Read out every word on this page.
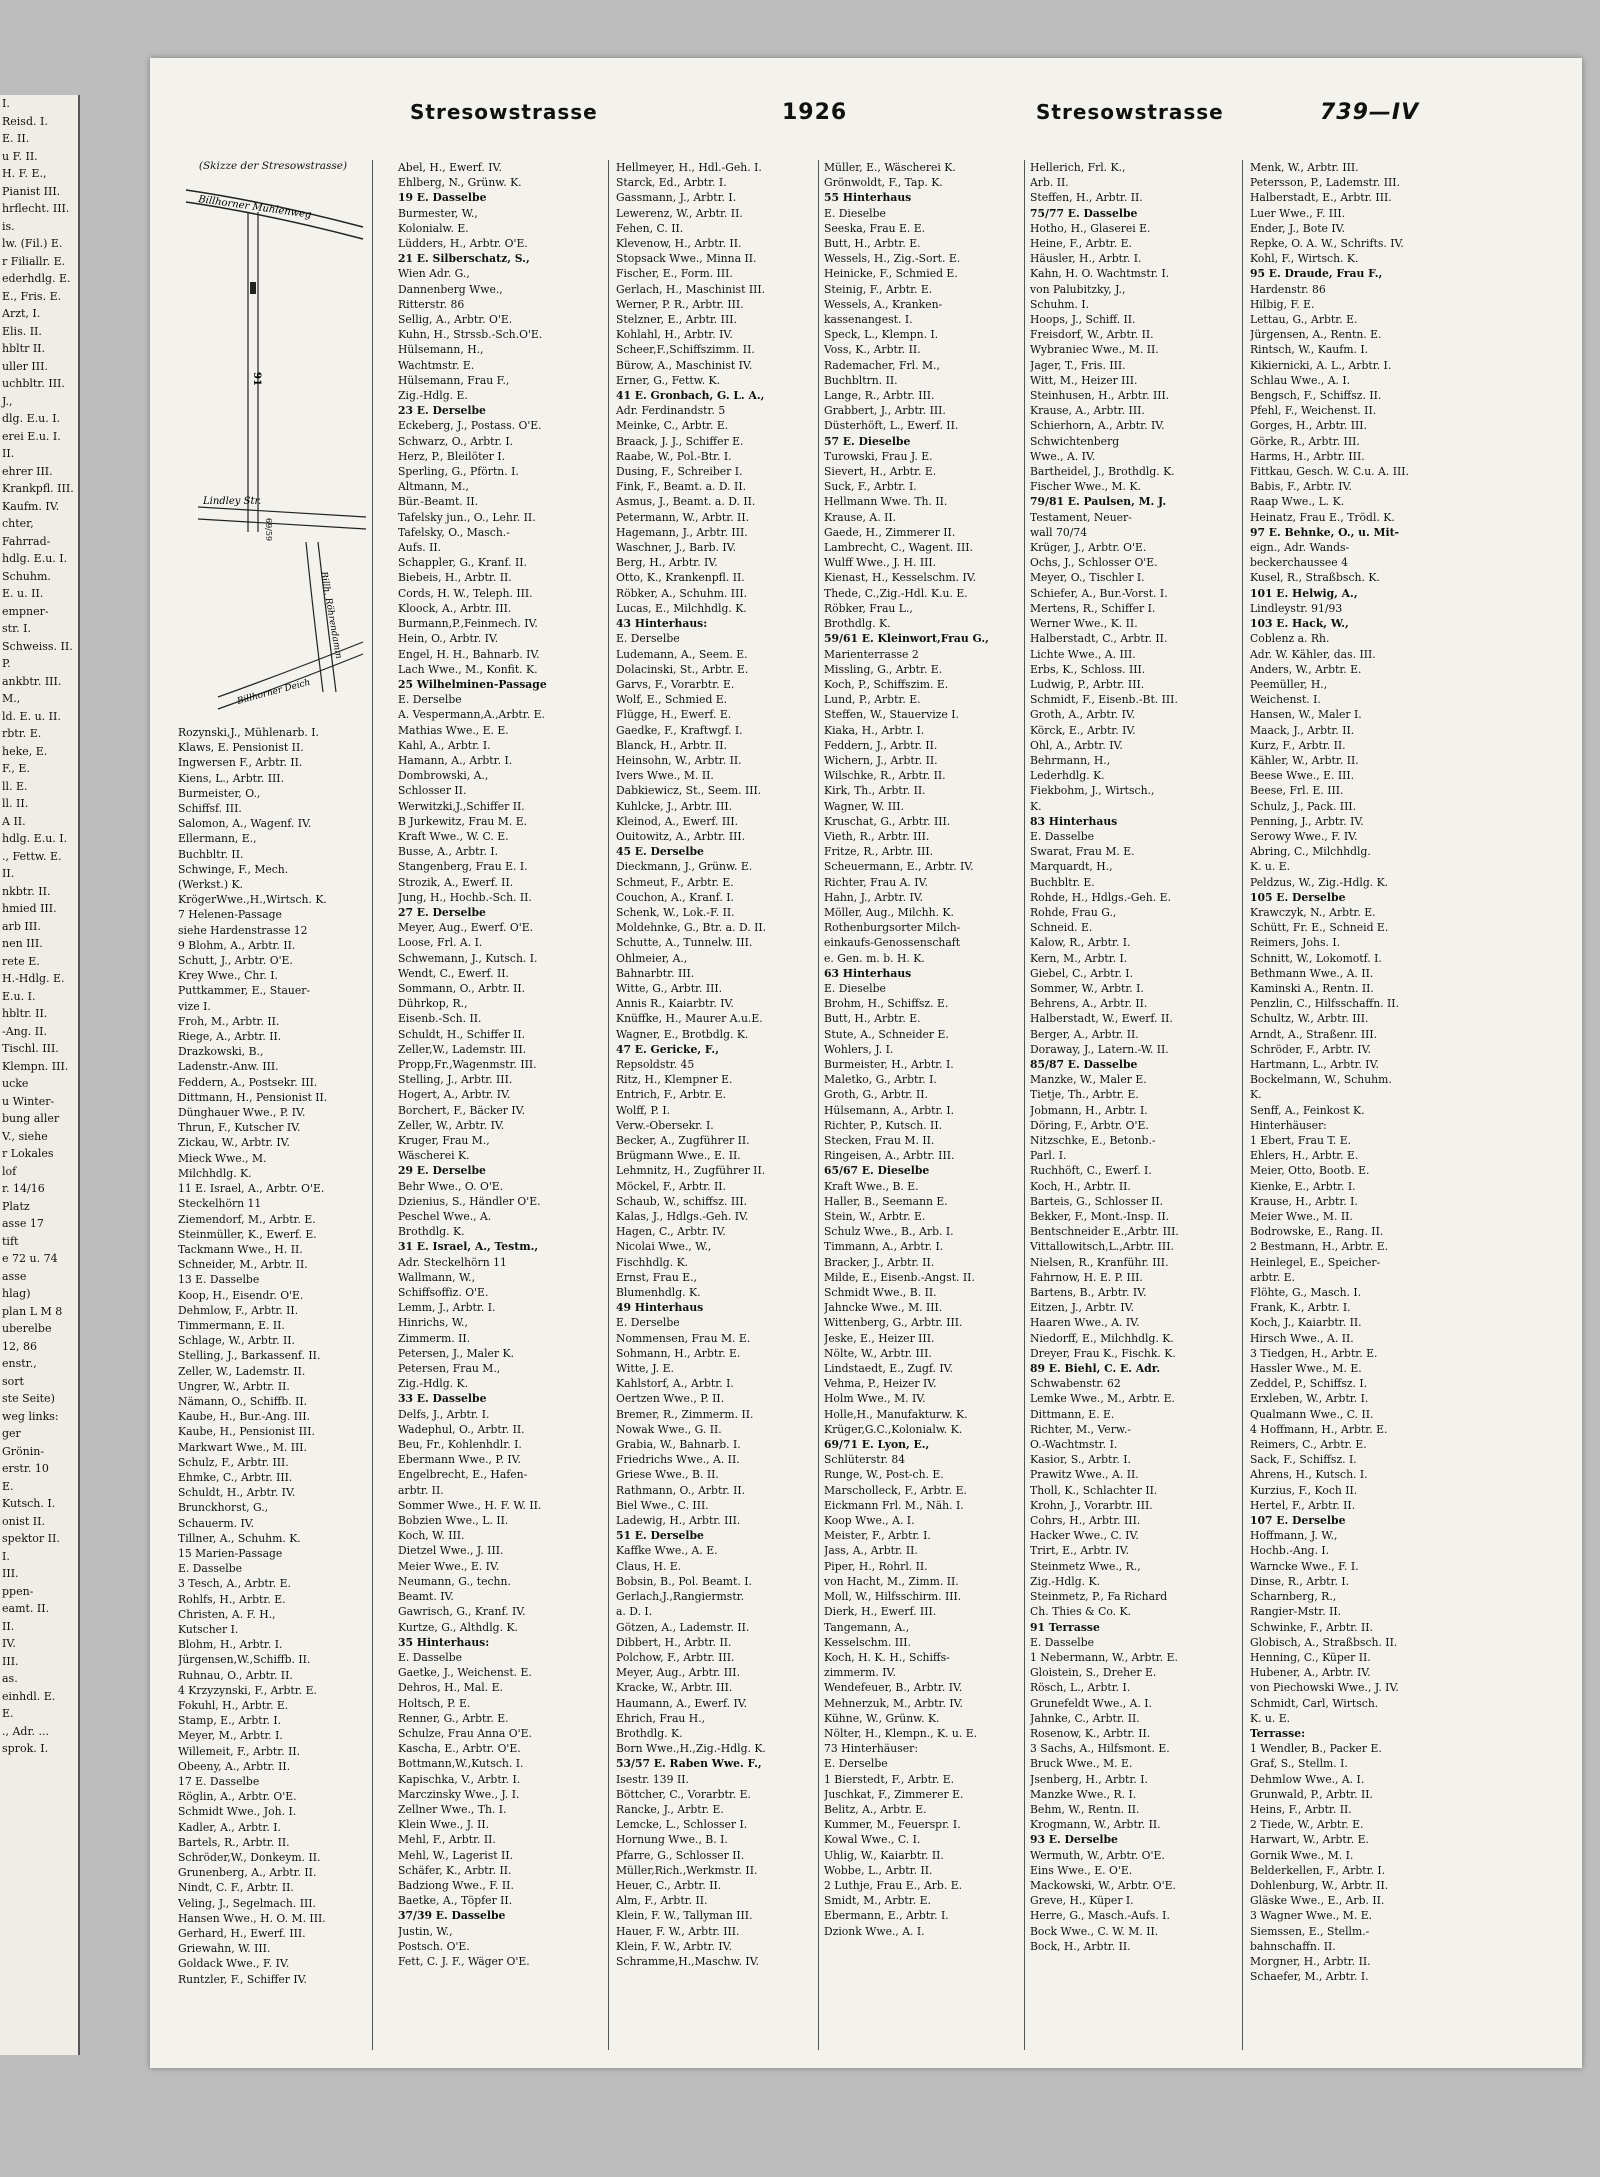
I.
Reisd. I.
E. II.
u F. II.
H. F. E.,
Pianist III.
hrflecht. III.
is.
lw. (Fil.) E.
r Filiallr. E.
ederhdlg. E.
E., Fris. E.
Arzt, I.
Elis. II.
hbltr II.
uller III.
uchbltr. III.
J.,
dlg. E.u. I.
erei E.u. I.
II.
ehrer III.
Krankpfl. III.
Kaufm. IV.
chter,
Fahrrad-
hdlg. E.u. I.
Schuhm.
E. u. II.
empner-
str. I.
Schweiss. II.
P.
ankbtr. III.
M.,
ld. E. u. II.
rbtr. E.
heke, E.
F., E.
ll. E.
ll. II.
A II.
hdlg. E.u. I.
., Fettw. E.
II.
nkbtr. II.
hmied III.
arb III.
nen III.
rete E.
H.-Hdlg. E.
E.u. I.
hbltr. II.
-Ang. II.
Tischl. III.
Klempn. III.
ucke
u Winter-
bung aller
V., siehe
r Lokales
lof
r. 14/16
Platz
asse 17
tift
e 72 u. 74
asse
hlag)
plan L M 8
uberelbe
12, 86
enstr.,
sort
ste Seite)
weg links:
ger
Grönin-
erstr. 10
E.
Kutsch. I.
onist II.
spektor II.
I.
III.
ppen-
eamt. II.
II.
IV.
III.
as.
einhdl. E.
E.
., Adr. ...
sprok. I.
Stresowstrasse	1926	Stresowstrasse	739—IV
(Skizze der Stresowstrasse)
Billhorner Mühlenweg
91
Lindley Str.
69/59
Billh. Röhrendamm
Billhorner Deich
Rozynski,J., Mühlenarb. I.
Klaws, E. Pensionist II.
Ingwersen F., Arbtr. II.
Kiens, L., Arbtr. III.
Burmeister, O.,
Schiffsf. III.
Salomon, A., Wagenf. IV.
Ellermann, E.,
Buchbltr. II.
Schwinge, F., Mech.
(Werkst.) K.
KrögerWwe.,H.,Wirtsch. K.
7 Helenen-Passage
siehe Hardenstrasse 12
9 Blohm, A., Arbtr. II.
Schutt, J., Arbtr. O'E.
Krey Wwe., Chr. I.
Puttkammer, E., Stauer-
vize I.
Froh, M., Arbtr. II.
Riege, A., Arbtr. II.
Drazkowski, B.,
Ladenstr.-Anw. III.
Feddern, A., Postsekr. III.
Dittmann, H., Pensionist II.
Dünghauer Wwe., P. IV.
Thrun, F., Kutscher IV.
Zickau, W., Arbtr. IV.
Mieck Wwe., M.
Milchhdlg. K.
11 E. Israel, A., Arbtr. O'E.
Steckelhörn 11
Ziemendorf, M., Arbtr. E.
Steinmüller, K., Ewerf. E.
Tackmann Wwe., H. II.
Schneider, M., Arbtr. II.
13 E. Dasselbe
Koop, H., Eisendr. O'E.
Dehmlow, F., Arbtr. II.
Timmermann, E. II.
Schlage, W., Arbtr. II.
Stelling, J., Barkassenf. II.
Zeller, W., Lademstr. II.
Ungrer, W., Arbtr. II.
Nämann, O., Schiffb. II.
Kaube, H., Bur.-Ang. III.
Kaube, H., Pensionist III.
Markwart Wwe., M. III.
Schulz, F., Arbtr. III.
Ehmke, C., Arbtr. III.
Schuldt, H., Arbtr. IV.
Brunckhorst, G.,
Schauerm. IV.
Tillner, A., Schuhm. K.
15 Marien-Passage
E. Dasselbe
3 Tesch, A., Arbtr. E.
Rohlfs, H., Arbtr. E.
Christen, A. F. H.,
Kutscher I.
Blohm, H., Arbtr. I.
Jürgensen,W.,Schiffb. II.
Ruhnau, O., Arbtr. II.
4 Krzyzynski, F., Arbtr. E.
Fokuhl, H., Arbtr. E.
Stamp, E., Arbtr. I.
Meyer, M., Arbtr. I.
Willemeit, F., Arbtr. II.
Obeeny, A., Arbtr. II.
17 E. Dasselbe
Röglin, A., Arbtr. O'E.
Schmidt Wwe., Joh. I.
Kadler, A., Arbtr. I.
Bartels, R., Arbtr. II.
Schröder,W., Donkeym. II.
Grunenberg, A., Arbtr. II.
Nindt, C. F., Arbtr. II.
Veling, J., Segelmach. III.
Hansen Wwe., H. O. M. III.
Gerhard, H., Ewerf. III.
Griewahn, W. III.
Goldack Wwe., F. IV.
Runtzler, F., Schiffer IV.
Abel, H., Ewerf. IV.
Ehlberg, N., Grünw. K.
19 E. Dasselbe
Burmester, W.,
Kolonialw. E.
Lüdders, H., Arbtr. O'E.
21 E. Silberschatz, S.,
Wien Adr. G.,
Dannenberg Wwe.,
Ritterstr. 86
Sellig, A., Arbtr. O'E.
Kuhn, H., Strssb.-Sch.O'E.
Hülsemann, H.,
Wachtmstr. E.
Hülsemann, Frau F.,
Zig.-Hdlg. E.
23 E. Derselbe
Eckeberg, J., Postass. O'E.
Schwarz, O., Arbtr. I.
Herz, P., Bleilöter I.
Sperling, G., Pförtn. I.
Altmann, M.,
Bür.-Beamt. II.
Tafelsky jun., O., Lehr. II.
Tafelsky, O., Masch.-
Aufs. II.
Schappler, G., Kranf. II.
Biebeis, H., Arbtr. II.
Cords, H. W., Teleph. III.
Kloock, A., Arbtr. III.
Burmann,P.,Feinmech. IV.
Hein, O., Arbtr. IV.
Engel, H. H., Bahnarb. IV.
Lach Wwe., M., Konfit. K.
25 Wilhelminen-Passage
E. Derselbe
A. Vespermann,A.,Arbtr. E.
Mathias Wwe., E. E.
Kahl, A., Arbtr. I.
Hamann, A., Arbtr. I.
Dombrowski, A.,
Schlosser II.
Werwitzki,J.,Schiffer II.
B Jurkewitz, Frau M. E.
Kraft Wwe., W. C. E.
Busse, A., Arbtr. I.
Stangenberg, Frau E. I.
Strozik, A., Ewerf. II.
Jung, H., Hochb.-Sch. II.
27 E. Derselbe
Meyer, Aug., Ewerf. O'E.
Loose, Frl. A. I.
Schwemann, J., Kutsch. I.
Wendt, C., Ewerf. II.
Sommann, O., Arbtr. II.
Dührkop, R.,
Eisenb.-Sch. II.
Schuldt, H., Schiffer II.
Zeller,W., Lademstr. III.
Propp,Fr.,Wagenmstr. III.
Stelling, J., Arbtr. III.
Hogert, A., Arbtr. IV.
Borchert, F., Bäcker IV.
Zeller, W., Arbtr. IV.
Kruger, Frau M.,
Wäscherei K.
29 E. Derselbe
Behr Wwe., O. O'E.
Dzienius, S., Händler O'E.
Peschel Wwe., A.
Brothdlg. K.
31 E. Israel, A., Testm.,
Adr. Steckelhörn 11
Wallmann, W.,
Schiffsoffiz. O'E.
Lemm, J., Arbtr. I.
Hinrichs, W.,
Zimmerm. II.
Petersen, J., Maler K.
Petersen, Frau M.,
Zig.-Hdlg. K.
33 E. Dasselbe
Delfs, J., Arbtr. I.
Wadephul, O., Arbtr. II.
Beu, Fr., Kohlenhdlr. I.
Ebermann Wwe., P. IV.
Engelbrecht, E., Hafen-
arbtr. II.
Sommer Wwe., H. F. W. II.
Bobzien Wwe., L. II.
Koch, W. III.
Dietzel Wwe., J. III.
Meier Wwe., E. IV.
Neumann, G., techn.
Beamt. IV.
Gawrisch, G., Kranf. IV.
Kurtze, G., Althdlg. K.
35 Hinterhaus:
E. Dasselbe
Gaetke, J., Weichenst. E.
Dehros, H., Mal. E.
Holtsch, P. E.
Renner, G., Arbtr. E.
Schulze, Frau Anna O'E.
Kascha, E., Arbtr. O'E.
Bottmann,W.,Kutsch. I.
Kapischka, V., Arbtr. I.
Marczinsky Wwe., J. I.
Zellner Wwe., Th. I.
Klein Wwe., J. II.
Mehl, F., Arbtr. II.
Mehl, W., Lagerist II.
Schäfer, K., Arbtr. II.
Badziong Wwe., F. II.
Baetke, A., Töpfer II.
37/39 E. Dasselbe
Justin, W.,
Postsch. O'E.
Fett, C. J. F., Wäger O'E.
Hellmeyer, H., Hdl.-Geh. I.
Starck, Ed., Arbtr. I.
Gassmann, J., Arbtr. I.
Lewerenz, W., Arbtr. II.
Fehen, C. II.
Klevenow, H., Arbtr. II.
Stopsack Wwe., Minna II.
Fischer, E., Form. III.
Gerlach, H., Maschinist III.
Werner, P. R., Arbtr. III.
Stelzner, E., Arbtr. III.
Kohlahl, H., Arbtr. IV.
Scheer,F.,Schiffszimm. II.
Bürow, A., Maschinist IV.
Erner, G., Fettw. K.
41 E. Gronbach, G. L. A.,
Adr. Ferdinandstr. 5
Meinke, C., Arbtr. E.
Braack, J. J., Schiffer E.
Raabe, W., Pol.-Btr. I.
Dusing, F., Schreiber I.
Fink, F., Beamt. a. D. II.
Asmus, J., Beamt. a. D. II.
Petermann, W., Arbtr. II.
Hagemann, J., Arbtr. III.
Waschner, J., Barb. IV.
Berg, H., Arbtr. IV.
Otto, K., Krankenpfl. II.
Röbker, A., Schuhm. III.
Lucas, E., Milchhdlg. K.
43 Hinterhaus:
E. Derselbe
Ludemann, A., Seem. E.
Dolacinski, St., Arbtr. E.
Garvs, F., Vorarbtr. E.
Wolf, E., Schmied E.
Flügge, H., Ewerf. E.
Gaedke, F., Kraftwgf. I.
Blanck, H., Arbtr. II.
Heinsohn, W., Arbtr. II.
Ivers Wwe., M. II.
Dabkiewicz, St., Seem. III.
Kuhlcke, J., Arbtr. III.
Kleinod, A., Ewerf. III.
Ouitowitz, A., Arbtr. III.
45 E. Derselbe
Dieckmann, J., Grünw. E.
Schmeut, F., Arbtr. E.
Couchon, A., Kranf. I.
Schenk, W., Lok.-F. II.
Moldehnke, G., Btr. a. D. II.
Schutte, A., Tunnelw. III.
Ohlmeier, A.,
Bahnarbtr. III.
Witte, G., Arbtr. III.
Annis R., Kaiarbtr. IV.
Knüffke, H., Maurer A.u.E.
Wagner, E., Brotbdlg. K.
47 E. Gericke, F.,
Repsoldstr. 45
Ritz, H., Klempner E.
Entrich, F., Arbtr. E.
Wolff, P. I.
Verw.-Obersekr. I.
Becker, A., Zugführer II.
Brügmann Wwe., E. II.
Lehmnitz, H., Zugführer II.
Möckel, F., Arbtr. II.
Schaub, W., schiffsz. III.
Kalas, J., Hdlgs.-Geh. IV.
Hagen, C., Arbtr. IV.
Nicolai Wwe., W.,
Fischhdlg. K.
Ernst, Frau E.,
Blumenhdlg. K.
49 Hinterhaus
E. Derselbe
Nommensen, Frau M. E.
Sohmann, H., Arbtr. E.
Witte, J. E.
Kahlstorf, A., Arbtr. I.
Oertzen Wwe., P. II.
Bremer, R., Zimmerm. II.
Nowak Wwe., G. II.
Grabia, W., Bahnarb. I.
Friedrichs Wwe., A. II.
Griese Wwe., B. II.
Rathmann, O., Arbtr. II.
Biel Wwe., C. III.
Ladewig, H., Arbtr. III.
51 E. Derselbe
Kaffke Wwe., A. E.
Claus, H. E.
Bobsin, B., Pol. Beamt. I.
Gerlach,J.,Rangiermstr.
a. D. I.
Götzen, A., Lademstr. II.
Dibbert, H., Arbtr. II.
Polchow, F., Arbtr. III.
Meyer, Aug., Arbtr. III.
Kracke, W., Arbtr. III.
Haumann, A., Ewerf. IV.
Ehrich, Frau H.,
Brothdlg. K.
Born Wwe.,H.,Zig.-Hdlg. K.
53/57 E. Raben Wwe. F.,
Isestr. 139 II.
Böttcher, C., Vorarbtr. E.
Rancke, J., Arbtr. E.
Lemcke, L., Schlosser I.
Hornung Wwe., B. I.
Pfarre, G., Schlosser II.
Müller,Rich.,Werkmstr. II.
Heuer, C., Arbtr. II.
Alm, F., Arbtr. II.
Klein, F. W., Tallyman III.
Hauer, F. W., Arbtr. III.
Klein, F. W., Arbtr. IV.
Schramme,H.,Maschw. IV.
Müller, E., Wäscherei K.
Grönwoldt, F., Tap. K.
55 Hinterhaus
E. Dieselbe
Seeska, Frau E. E.
Butt, H., Arbtr. E.
Wessels, H., Zig.-Sort. E.
Heinicke, F., Schmied E.
Steinig, F., Arbtr. E.
Wessels, A., Kranken-
kassenangest. I.
Speck, L., Klempn. I.
Voss, K., Arbtr. II.
Rademacher, Frl. M.,
Buchbltrn. II.
Lange, R., Arbtr. III.
Grabbert, J., Arbtr. III.
Düsterhöft, L., Ewerf. II.
57 E. Dieselbe
Turowski, Frau J. E.
Sievert, H., Arbtr. E.
Suck, F., Arbtr. I.
Hellmann Wwe. Th. II.
Krause, A. II.
Gaede, H., Zimmerer II.
Lambrecht, C., Wagent. III.
Wulff Wwe., J. H. III.
Kienast, H., Kesselschm. IV.
Thede, C.,Zig.-Hdl. K.u. E.
Röbker, Frau L.,
Brothdlg. K.
59/61 E. Kleinwort,Frau G.,
Marienterrasse 2
Missling, G., Arbtr. E.
Koch, P., Schiffszim. E.
Lund, P., Arbtr. E.
Steffen, W., Stauervize I.
Kiaka, H., Arbtr. I.
Feddern, J., Arbtr. II.
Wichern, J., Arbtr. II.
Wilschke, R., Arbtr. II.
Kirk, Th., Arbtr. II.
Wagner, W. III.
Kruschat, G., Arbtr. III.
Vieth, R., Arbtr. III.
Fritze, R., Arbtr. III.
Scheuermann, E., Arbtr. IV.
Richter, Frau A. IV.
Hahn, J., Arbtr. IV.
Möller, Aug., Milchh. K.
Rothenburgsorter Milch-
einkaufs-Genossenschaft
e. Gen. m. b. H. K.
63 Hinterhaus
E. Dieselbe
Brohm, H., Schiffsz. E.
Butt, H., Arbtr. E.
Stute, A., Schneider E.
Wohlers, J. I.
Burmeister, H., Arbtr. I.
Maletko, G., Arbtr. I.
Groth, G., Arbtr. II.
Hülsemann, A., Arbtr. I.
Richter, P., Kutsch. II.
Stecken, Frau M. II.
Ringeisen, A., Arbtr. III.
65/67 E. Dieselbe
Kraft Wwe., B. E.
Haller, B., Seemann E.
Stein, W., Arbtr. E.
Schulz Wwe., B., Arb. I.
Timmann, A., Arbtr. I.
Bracker, J., Arbtr. II.
Milde, E., Eisenb.-Angst. II.
Schmidt Wwe., B. II.
Jahncke Wwe., M. III.
Wittenberg, G., Arbtr. III.
Jeske, E., Heizer III.
Nölte, W., Arbtr. III.
Lindstaedt, E., Zugf. IV.
Vehma, P., Heizer IV.
Holm Wwe., M. IV.
Holle,H., Manufakturw. K.
Krüger,G.C.,Kolonialw. K.
69/71 E. Lyon, E.,
Schlüterstr. 84
Runge, W., Post-ch. E.
Marscholleck, F., Arbtr. E.
Eickmann Frl. M., Näh. I.
Koop Wwe., A. I.
Meister, F., Arbtr. I.
Jass, A., Arbtr. II.
Piper, H., Rohrl. II.
von Hacht, M., Zimm. II.
Moll, W., Hilfsschirm. III.
Dierk, H., Ewerf. III.
Tangemann, A.,
Kesselschm. III.
Koch, H. K. H., Schiffs-
zimmerm. IV.
Wendefeuer, B., Arbtr. IV.
Mehnerzuk, M., Arbtr. IV.
Kühne, W., Grünw. K.
Nölter, H., Klempn., K. u. E.
73 Hinterhäuser:
E. Derselbe
1 Bierstedt, F., Arbtr. E.
Juschkat, F., Zimmerer E.
Belitz, A., Arbtr. E.
Kummer, M., Feuerspr. I.
Kowal Wwe., C. I.
Uhlig, W., Kaiarbtr. II.
Wobbe, L., Arbtr. II.
2 Luthje, Frau E., Arb. E.
Smidt, M., Arbtr. E.
Ebermann, E., Arbtr. I.
Dzionk Wwe., A. I.
Hellerich, Frl. K.,
Arb. II.
Steffen, H., Arbtr. II.
75/77 E. Dasselbe
Hotho, H., Glaserei E.
Heine, F., Arbtr. E.
Häusler, H., Arbtr. I.
Kahn, H. O. Wachtmstr. I.
von Palubitzky, J.,
Schuhm. I.
Hoops, J., Schiff. II.
Freisdorf, W., Arbtr. II.
Wybraniec Wwe., M. II.
Jager, T., Fris. III.
Witt, M., Heizer III.
Steinhusen, H., Arbtr. III.
Krause, A., Arbtr. III.
Schierhorn, A., Arbtr. IV.
Schwichtenberg
Wwe., A. IV.
Bartheidel, J., Brothdlg. K.
Fischer Wwe., M. K.
79/81 E. Paulsen, M. J.
Testament, Neuer-
wall 70/74
Krüger, J., Arbtr. O'E.
Ochs, J., Schlosser O'E.
Meyer, O., Tischler I.
Schiefer, A., Bur.-Vorst. I.
Mertens, R., Schiffer I.
Werner Wwe., K. II.
Halberstadt, C., Arbtr. II.
Lichte Wwe., A. III.
Erbs, K., Schloss. III.
Ludwig, P., Arbtr. III.
Schmidt, F., Eisenb.-Bt. III.
Groth, A., Arbtr. IV.
Körck, E., Arbtr. IV.
Ohl, A., Arbtr. IV.
Behrmann, H.,
Lederhdlg. K.
Fiekbohm, J., Wirtsch.,
K.
83 Hinterhaus
E. Dasselbe
Swarat, Frau M. E.
Marquardt, H.,
Buchbltr. E.
Rohde, H., Hdlgs.-Geh. E.
Rohde, Frau G.,
Schneid. E.
Kalow, R., Arbtr. I.
Kern, M., Arbtr. I.
Giebel, C., Arbtr. I.
Sommer, W., Arbtr. I.
Behrens, A., Arbtr. II.
Halberstadt, W., Ewerf. II.
Berger, A., Arbtr. II.
Doraway, J., Latern.-W. II.
85/87 E. Dasselbe
Manzke, W., Maler E.
Tietje, Th., Arbtr. E.
Jobmann, H., Arbtr. I.
Döring, F., Arbtr. O'E.
Nitzschke, E., Betonb.-
Parl. I.
Ruchhöft, C., Ewerf. I.
Koch, H., Arbtr. II.
Barteis, G., Schlosser II.
Bekker, F., Mont.-Insp. II.
Bentschneider E.,Arbtr. III.
Vittallowitsch,L.,Arbtr. III.
Nielsen, R., Kranführ. III.
Fahrnow, H. E. P. III.
Bartens, B., Arbtr. IV.
Eitzen, J., Arbtr. IV.
Haaren Wwe., A. IV.
Niedorff, E., Milchhdlg. K.
Dreyer, Frau K., Fischk. K.
89 E. Biehl, C. E. Adr.
Schwabenstr. 62
Lemke Wwe., M., Arbtr. E.
Dittmann, E. E.
Richter, M., Verw.-
O.-Wachtmstr. I.
Kasior, S., Arbtr. I.
Prawitz Wwe., A. II.
Tholl, K., Schlachter II.
Krohn, J., Vorarbtr. III.
Cohrs, H., Arbtr. III.
Hacker Wwe., C. IV.
Trirt, E., Arbtr. IV.
Steinmetz Wwe., R.,
Zig.-Hdlg. K.
Steinmetz, P., Fa Richard
Ch. Thies & Co. K.
91 Terrasse
E. Dasselbe
1 Nebermann, W., Arbtr. E.
Gloistein, S., Dreher E.
Rösch, L., Arbtr. I.
Grunefeldt Wwe., A. I.
Jahnke, C., Arbtr. II.
Rosenow, K., Arbtr. II.
3 Sachs, A., Hilfsmont. E.
Bruck Wwe., M. E.
Jsenberg, H., Arbtr. I.
Manzke Wwe., R. I.
Behm, W., Rentn. II.
Krogmann, W., Arbtr. II.
93 E. Derselbe
Wermuth, W., Arbtr. O'E.
Eins Wwe., E. O'E.
Mackowski, W., Arbtr. O'E.
Greve, H., Küper I.
Herre, G., Masch.-Aufs. I.
Bock Wwe., C. W. M. II.
Bock, H., Arbtr. II.
Menk, W., Arbtr. III.
Petersson, P., Lademstr. III.
Halberstadt, E., Arbtr. III.
Luer Wwe., F. III.
Ender, J., Bote IV.
Repke, O. A. W., Schrifts. IV.
Kohl, F., Wirtsch. K.
95 E. Draude, Frau F.,
Hardenstr. 86
Hilbig, F. E.
Lettau, G., Arbtr. E.
Jürgensen, A., Rentn. E.
Rintsch, W., Kaufm. I.
Kikiernicki, A. L., Arbtr. I.
Schlau Wwe., A. I.
Bengsch, F., Schiffsz. II.
Pfehl, F., Weichenst. II.
Gorges, H., Arbtr. III.
Görke, R., Arbtr. III.
Harms, H., Arbtr. III.
Fittkau, Gesch. W. C.u. A. III.
Babis, F., Arbtr. IV.
Raap Wwe., L. K.
Heinatz, Frau E., Trödl. K.
97 E. Behnke, O., u. Mit-
eign., Adr. Wands-
beckerchaussee 4
Kusel, R., Straßbsch. K.
101 E. Helwig, A.,
Lindleystr. 91/93
103 E. Hack, W.,
Coblenz a. Rh.
Adr. W. Kähler, das. III.
Anders, W., Arbtr. E.
Peemüller, H.,
Weichenst. I.
Hansen, W., Maler I.
Maack, J., Arbtr. II.
Kurz, F., Arbtr. II.
Kähler, W., Arbtr. II.
Beese Wwe., E. III.
Beese, Frl. E. III.
Schulz, J., Pack. III.
Penning, J., Arbtr. IV.
Serowy Wwe., F. IV.
Abring, C., Milchhdlg.
K. u. E.
Peldzus, W., Zig.-Hdlg. K.
105 E. Derselbe
Krawczyk, N., Arbtr. E.
Schütt, Fr. E., Schneid E.
Reimers, Johs. I.
Schnitt, W., Lokomotf. I.
Bethmann Wwe., A. II.
Kaminski A., Rentn. II.
Penzlin, C., Hilfsschaffn. II.
Schultz, W., Arbtr. III.
Arndt, A., Straßenr. III.
Schröder, F., Arbtr. IV.
Hartmann, L., Arbtr. IV.
Bockelmann, W., Schuhm.
K.
Senff, A., Feinkost K.
Hinterhäuser:
1 Ebert, Frau T. E.
Ehlers, H., Arbtr. E.
Meier, Otto, Bootb. E.
Kienke, E., Arbtr. I.
Krause, H., Arbtr. I.
Meier Wwe., M. II.
Bodrowske, E., Rang. II.
2 Bestmann, H., Arbtr. E.
Heinlegel, E., Speicher-
arbtr. E.
Flöhte, G., Masch. I.
Frank, K., Arbtr. I.
Koch, J., Kaiarbtr. II.
Hirsch Wwe., A. II.
3 Tiedgen, H., Arbtr. E.
Hassler Wwe., M. E.
Zeddel, P., Schiffsz. I.
Erxleben, W., Arbtr. I.
Qualmann Wwe., C. II.
4 Hoffmann, H., Arbtr. E.
Reimers, C., Arbtr. E.
Sack, F., Schiffsz. I.
Ahrens, H., Kutsch. I.
Kurzius, F., Koch II.
Hertel, F., Arbtr. II.
107 E. Derselbe
Hoffmann, J. W.,
Hochb.-Ang. I.
Warncke Wwe., F. I.
Dinse, R., Arbtr. I.
Scharnberg, R.,
Rangier-Mstr. II.
Schwinke, F., Arbtr. II.
Globisch, A., Straßbsch. II.
Henning, C., Küper II.
Hubener, A., Arbtr. IV.
von Piechowski Wwe., J. IV.
Schmidt, Carl, Wirtsch.
K. u. E.
Terrasse:
1 Wendler, B., Packer E.
Graf, S., Stellm. I.
Dehmlow Wwe., A. I.
Grunwald, P., Arbtr. II.
Heins, F., Arbtr. II.
2 Tiede, W., Arbtr. E.
Harwart, W., Arbtr. E.
Gornik Wwe., M. I.
Belderkellen, F., Arbtr. I.
Dohlenburg, W., Arbtr. II.
Gläske Wwe., E., Arb. II.
3 Wagner Wwe., M. E.
Siemssen, E., Stellm.-
bahnschaffn. II.
Morgner, H., Arbtr. II.
Schaefer, M., Arbtr. I.
